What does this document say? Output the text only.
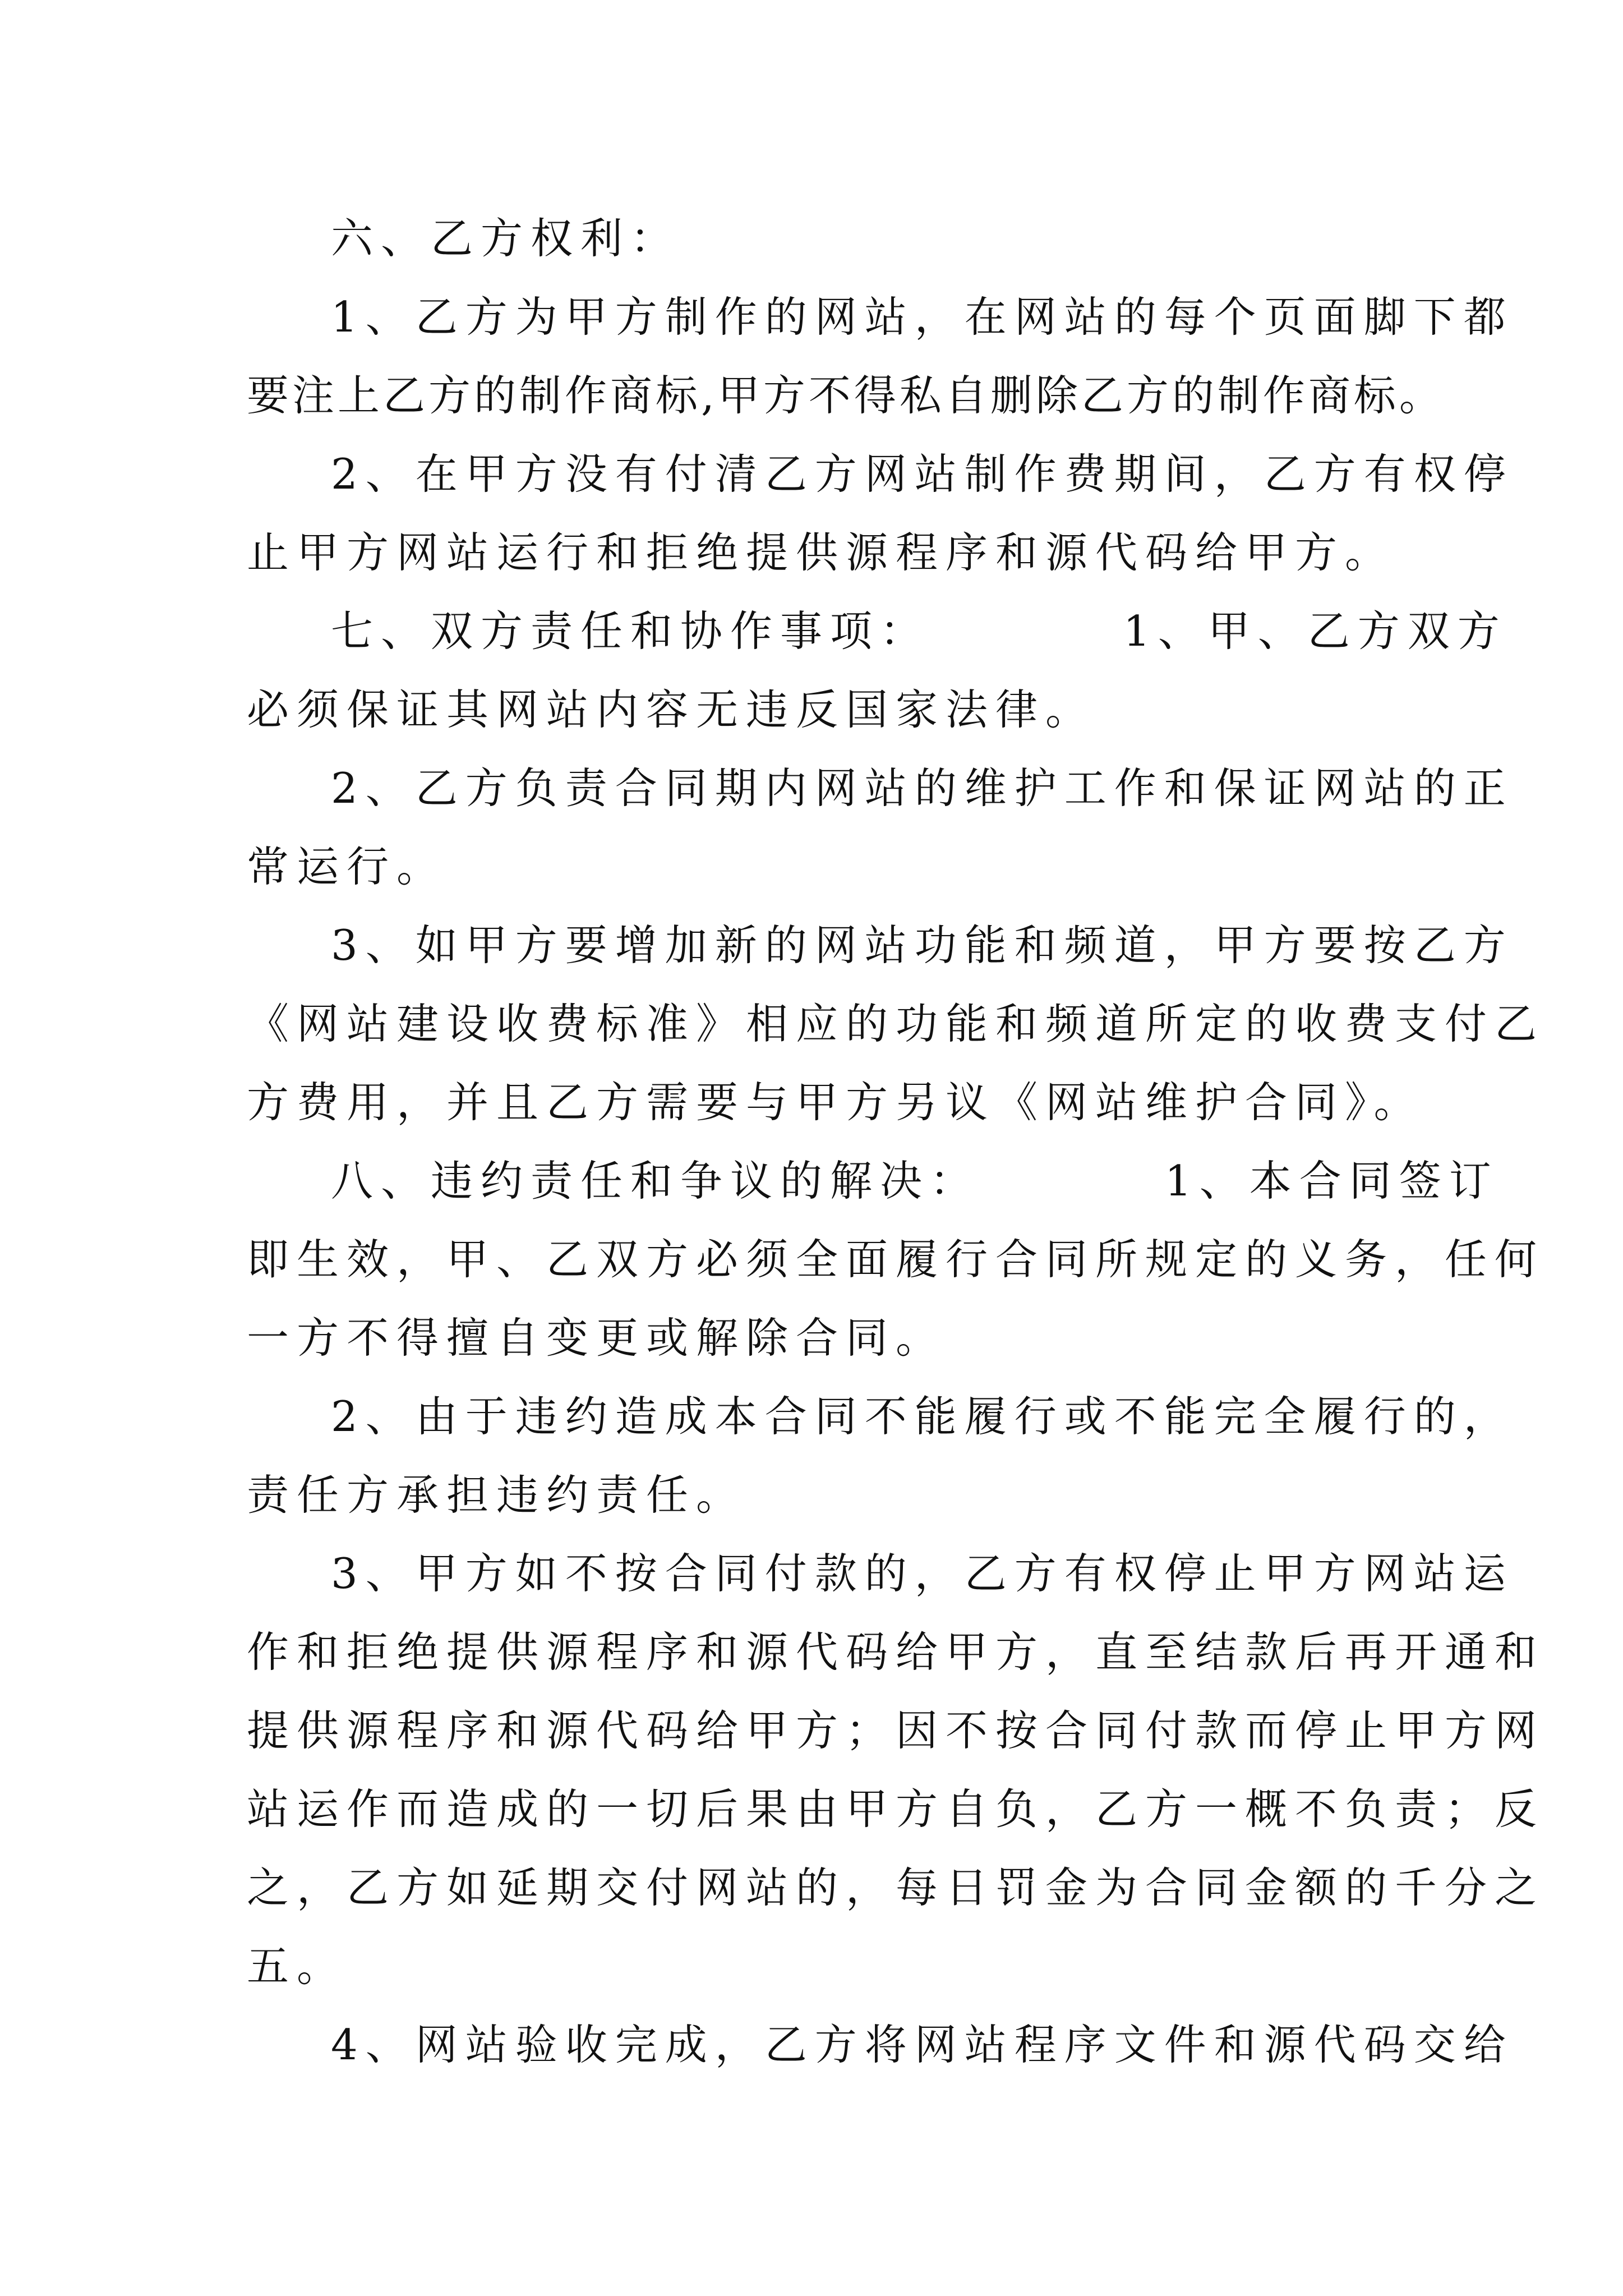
六、乙方权利：
1、乙方为甲方制作的网站，在网站的每个页面脚下都
要注上乙方的制作商标,甲方不得私自删除乙方的制作商标。
2、在甲方没有付清乙方网站制作费期间，乙方有权停
止甲方网站运行和拒绝提供源程序和源代码给甲方。
七、双方责任和协作事项：	1、甲、乙方双方
必须保证其网站内容无违反国家法律。
2、乙方负责合同期内网站的维护工作和保证网站的正
常运行。
3、如甲方要增加新的网站功能和频道，甲方要按乙方
《网站建设收费标准》相应的功能和频道所定的收费支付乙
方费用，并且乙方需要与甲方另议《网站维护合同》。
八、违约责任和争议的解决：	1、本合同签订
即生效，甲、乙双方必须全面履行合同所规定的义务，任何
一方不得擅自变更或解除合同。
2、由于违约造成本合同不能履行或不能完全履行的，
责任方承担违约责任。
3、甲方如不按合同付款的，乙方有权停止甲方网站运
作和拒绝提供源程序和源代码给甲方，直至结款后再开通和
提供源程序和源代码给甲方；因不按合同付款而停止甲方网
站运作而造成的一切后果由甲方自负，乙方一概不负责；反
之，乙方如延期交付网站的，每日罚金为合同金额的千分之
五。
4、网站验收完成，乙方将网站程序文件和源代码交给
